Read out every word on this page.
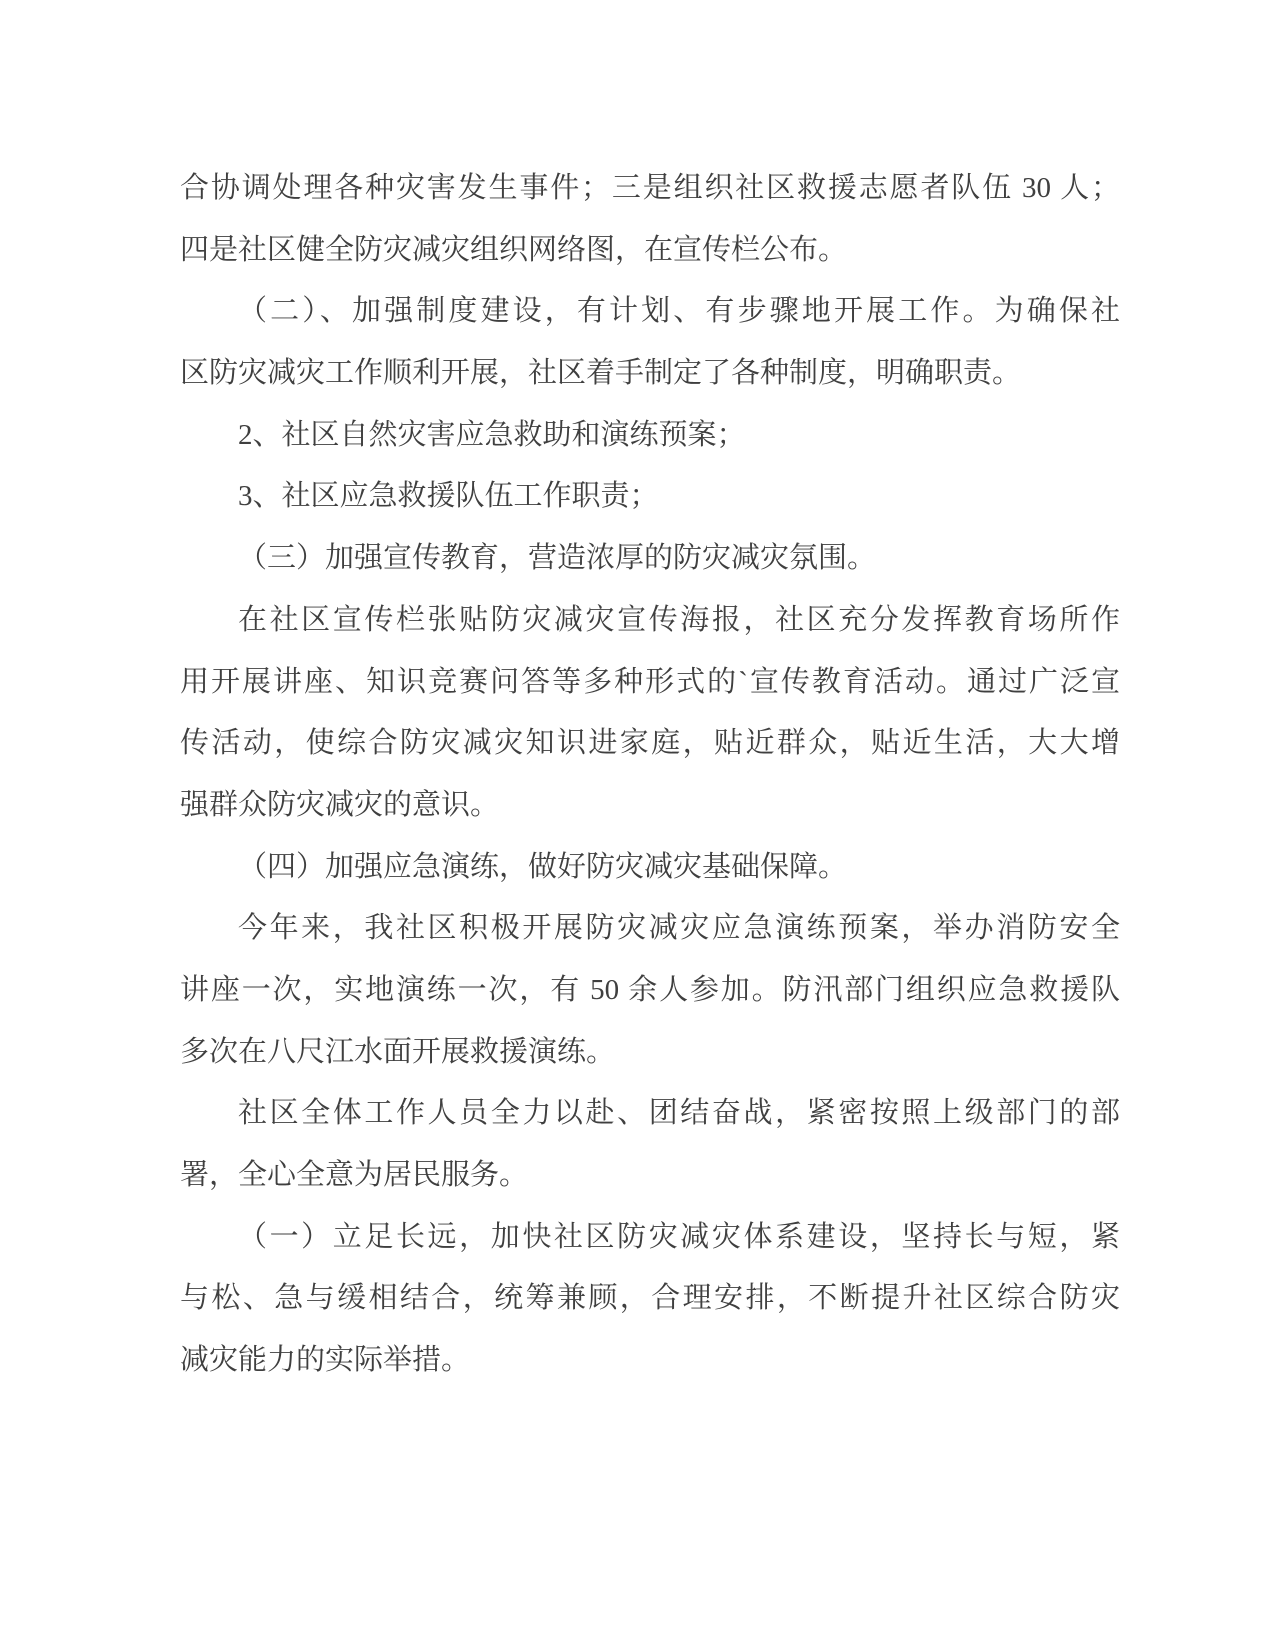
合协调处理各种灾害发生事件；三是组织社区救援志愿者队伍 30 人；
四是社区健全防灾减灾组织网络图，在宣传栏公布。
（二）、加强制度建设，有计划、有步骤地开展工作。为确保社
区防灾减灾工作顺利开展，社区着手制定了各种制度，明确职责。
2、社区自然灾害应急救助和演练预案；
3、社区应急救援队伍工作职责；
（三）加强宣传教育，营造浓厚的防灾减灾氛围。
在社区宣传栏张贴防灾减灾宣传海报，社区充分发挥教育场所作
用开展讲座、知识竞赛问答等多种形式的`宣传教育活动。通过广泛宣
传活动，使综合防灾减灾知识进家庭，贴近群众，贴近生活，大大增
强群众防灾减灾的意识。
（四）加强应急演练，做好防灾减灾基础保障。
今年来，我社区积极开展防灾减灾应急演练预案，举办消防安全
讲座一次，实地演练一次，有 50 余人参加。防汛部门组织应急救援队
多次在八尺江水面开展救援演练。
社区全体工作人员全力以赴、团结奋战，紧密按照上级部门的部
署，全心全意为居民服务。
（一）立足长远，加快社区防灾减灾体系建设，坚持长与短，紧
与松、急与缓相结合，统筹兼顾，合理安排，不断提升社区综合防灾
减灾能力的实际举措。
